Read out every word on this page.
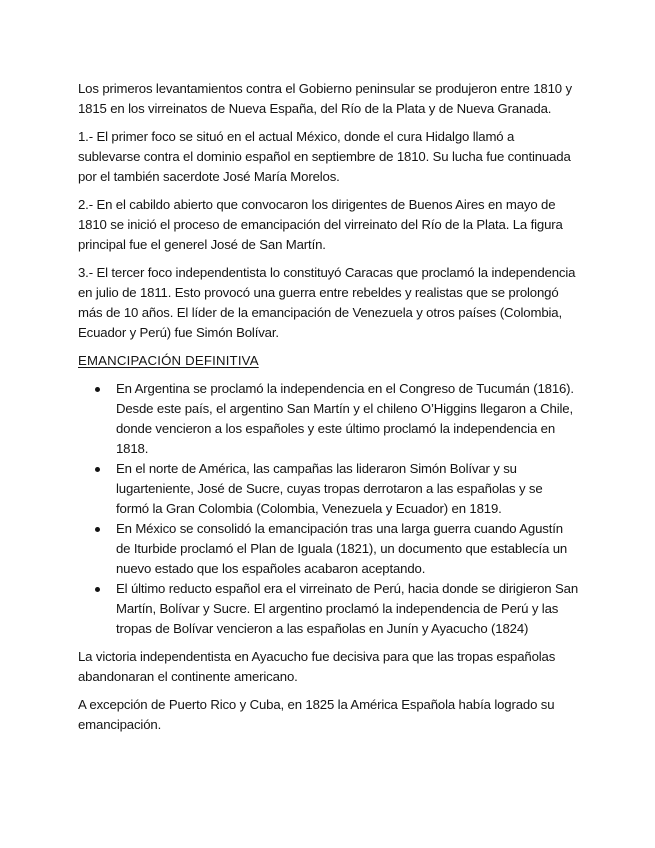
Los primeros levantamientos contra el Gobierno peninsular se produjeron entre 1810 y 1815 en los virreinatos de Nueva España, del Río de la Plata y de Nueva Granada.

1.- El primer foco se situó en el actual México, donde el cura Hidalgo llamó a sublevarse contra el dominio español en septiembre de 1810. Su lucha fue continuada por el también sacerdote José María Morelos.

2.- En el cabildo abierto que convocaron los dirigentes de Buenos Aires en mayo de 1810 se inició el proceso de emancipación del virreinato del Río de la Plata. La figura principal fue el generel José de San Martín.

3.- El tercer foco independentista lo constituyó Caracas que proclamó la independencia en julio de 1811. Esto provocó una guerra entre rebeldes y realistas que se prolongó más de 10 años. El líder de la emancipación de Venezuela y otros países (Colombia, Ecuador y Perú) fue Simón Bolívar.

EMANCIPACIÓN DEFINITIVA
En Argentina se proclamó la independencia en el Congreso de Tucumán (1816). Desde este país, el argentino San Martín y el chileno O’Higgins llegaron a Chile, donde vencieron a los españoles y este último proclamó la independencia en 1818.
En el norte de América, las campañas las lideraron Simón Bolívar y su lugarteniente, José de Sucre, cuyas tropas derrotaron a las españolas y se formó la Gran Colombia (Colombia, Venezuela y Ecuador) en 1819.
En México se consolidó la emancipación tras una larga guerra cuando Agustín de Iturbide proclamó el Plan de Iguala (1821), un documento que establecía un nuevo estado que los españoles acabaron aceptando.
El último reducto español era el virreinato de Perú, hacia donde se dirigieron San Martín, Bolívar y Sucre. El argentino proclamó la independencia de Perú y las tropas de Bolívar vencieron a las españolas en Junín y Ayacucho (1824)

La victoria independentista en Ayacucho fue decisiva para que las tropas españolas abandonaran el continente americano.

A excepción de Puerto Rico y Cuba, en 1825 la América Española había logrado su emancipación.
